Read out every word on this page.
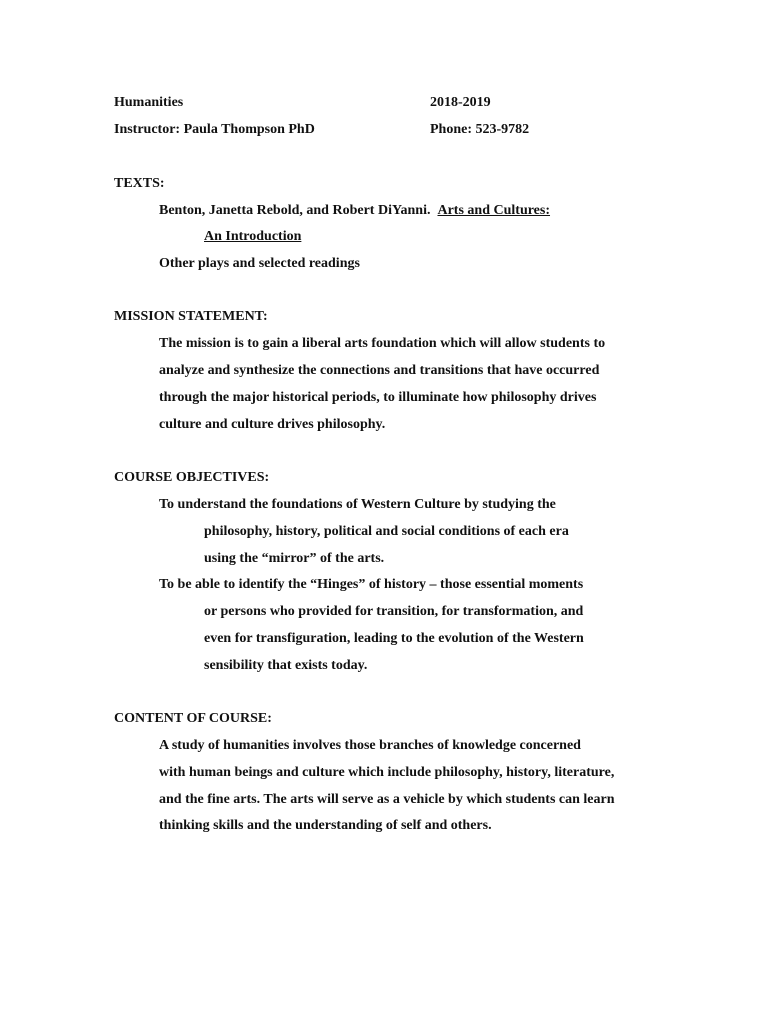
Humanities	2018-2019
Instructor: Paula Thompson PhD	Phone: 523-9782
TEXTS:
Benton, Janetta Rebold, and Robert DiYanni. Arts and Cultures:
An Introduction
Other plays and selected readings
MISSION STATEMENT:
The mission is to gain a liberal arts foundation which will allow students to
analyze and synthesize the connections and transitions that have occurred
through the major historical periods, to illuminate how philosophy drives
culture and culture drives philosophy.
COURSE OBJECTIVES:
To understand the foundations of Western Culture by studying the
philosophy, history, political and social conditions of each era
using the “mirror” of the arts.
To be able to identify the “Hinges” of history – those essential moments
or persons who provided for transition, for transformation, and
even for transfiguration, leading to the evolution of the Western
sensibility that exists today.
CONTENT OF COURSE:
A study of humanities involves those branches of knowledge concerned
with human beings and culture which include philosophy, history, literature,
and the fine arts. The arts will serve as a vehicle by which students can learn
thinking skills and the understanding of self and others.
